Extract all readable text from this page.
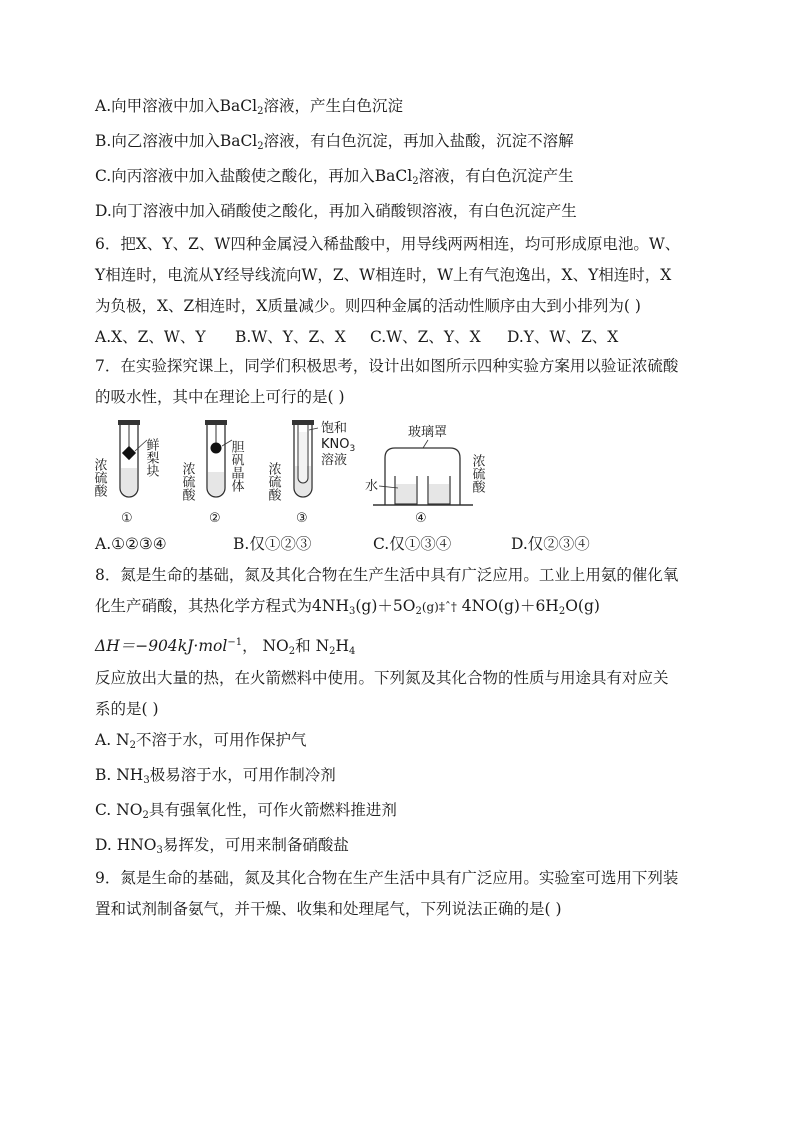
A.向甲溶液中加入BaCl$_2$溶液，产生白色沉淀
B.向乙溶液中加入BaCl$_2$溶液，有白色沉淀，再加入盐酸，沉淀不溶解
C.向丙溶液中加入盐酸使之酸化，再加入BaCl$_2$溶液，有白色沉淀产生
D.向丁溶液中加入硝酸使之酸化，再加入硝酸钡溶液，有白色沉淀产生
6．把X、Y、Z、W四种金属浸入稀盐酸中，用导线两两相连，均可形成原电池。W、
Y相连时，电流从Y经导线流向W，Z、W相连时，W上有气泡逸出，X、Y相连时，X
为负极，X、Z相连时，X质量减少。则四种金属的活动性顺序由大到小排列为( )
A.X、Z、W、Y B.W、Y、Z、X C.W、Z、Y、X D.Y、W、Z、X
7．在实验探究课上，同学们积极思考，设计出如图所示四种实验方案用以验证浓硫酸
的吸水性，其中在理论上可行的是( )
鲜梨块
浓硫酸
①
胆矾晶体
浓硫酸
②
饱和
$KNO_3$
溶液
浓硫酸
③
玻璃罩
水	浓硫酸
④
A.①②③④	B.仅①②③	C.仅①③④	D.仅②③④
8．氮是生命的基础，氮及其化合物在生产生活中具有广泛应用。工业上用氨的催化氧
化生产硝酸，其热化学方程式为$4NH_3(g)+5O_2(g)\ddagger ˆ\dagger$ $4NO(g)+6H_2O(g)$
ΔH＝−904kJ·mol$^{-1}$， $NO_2$和 $N_2H_4$
反应放出大量的热，在火箭燃料中使用。下列氮及其化合物的性质与用途具有对应关
系的是( )
A. $N_2$不溶于水，可用作保护气
B. $NH_3$极易溶于水，可用作制冷剂
C. $NO_2$具有强氧化性，可作火箭燃料推进剂
D. $HNO_3$易挥发，可用来制备硝酸盐
9．氮是生命的基础，氮及其化合物在生产生活中具有广泛应用。实验室可选用下列装
置和试剂制备氨气，并干燥、收集和处理尾气，下列说法正确的是( )
